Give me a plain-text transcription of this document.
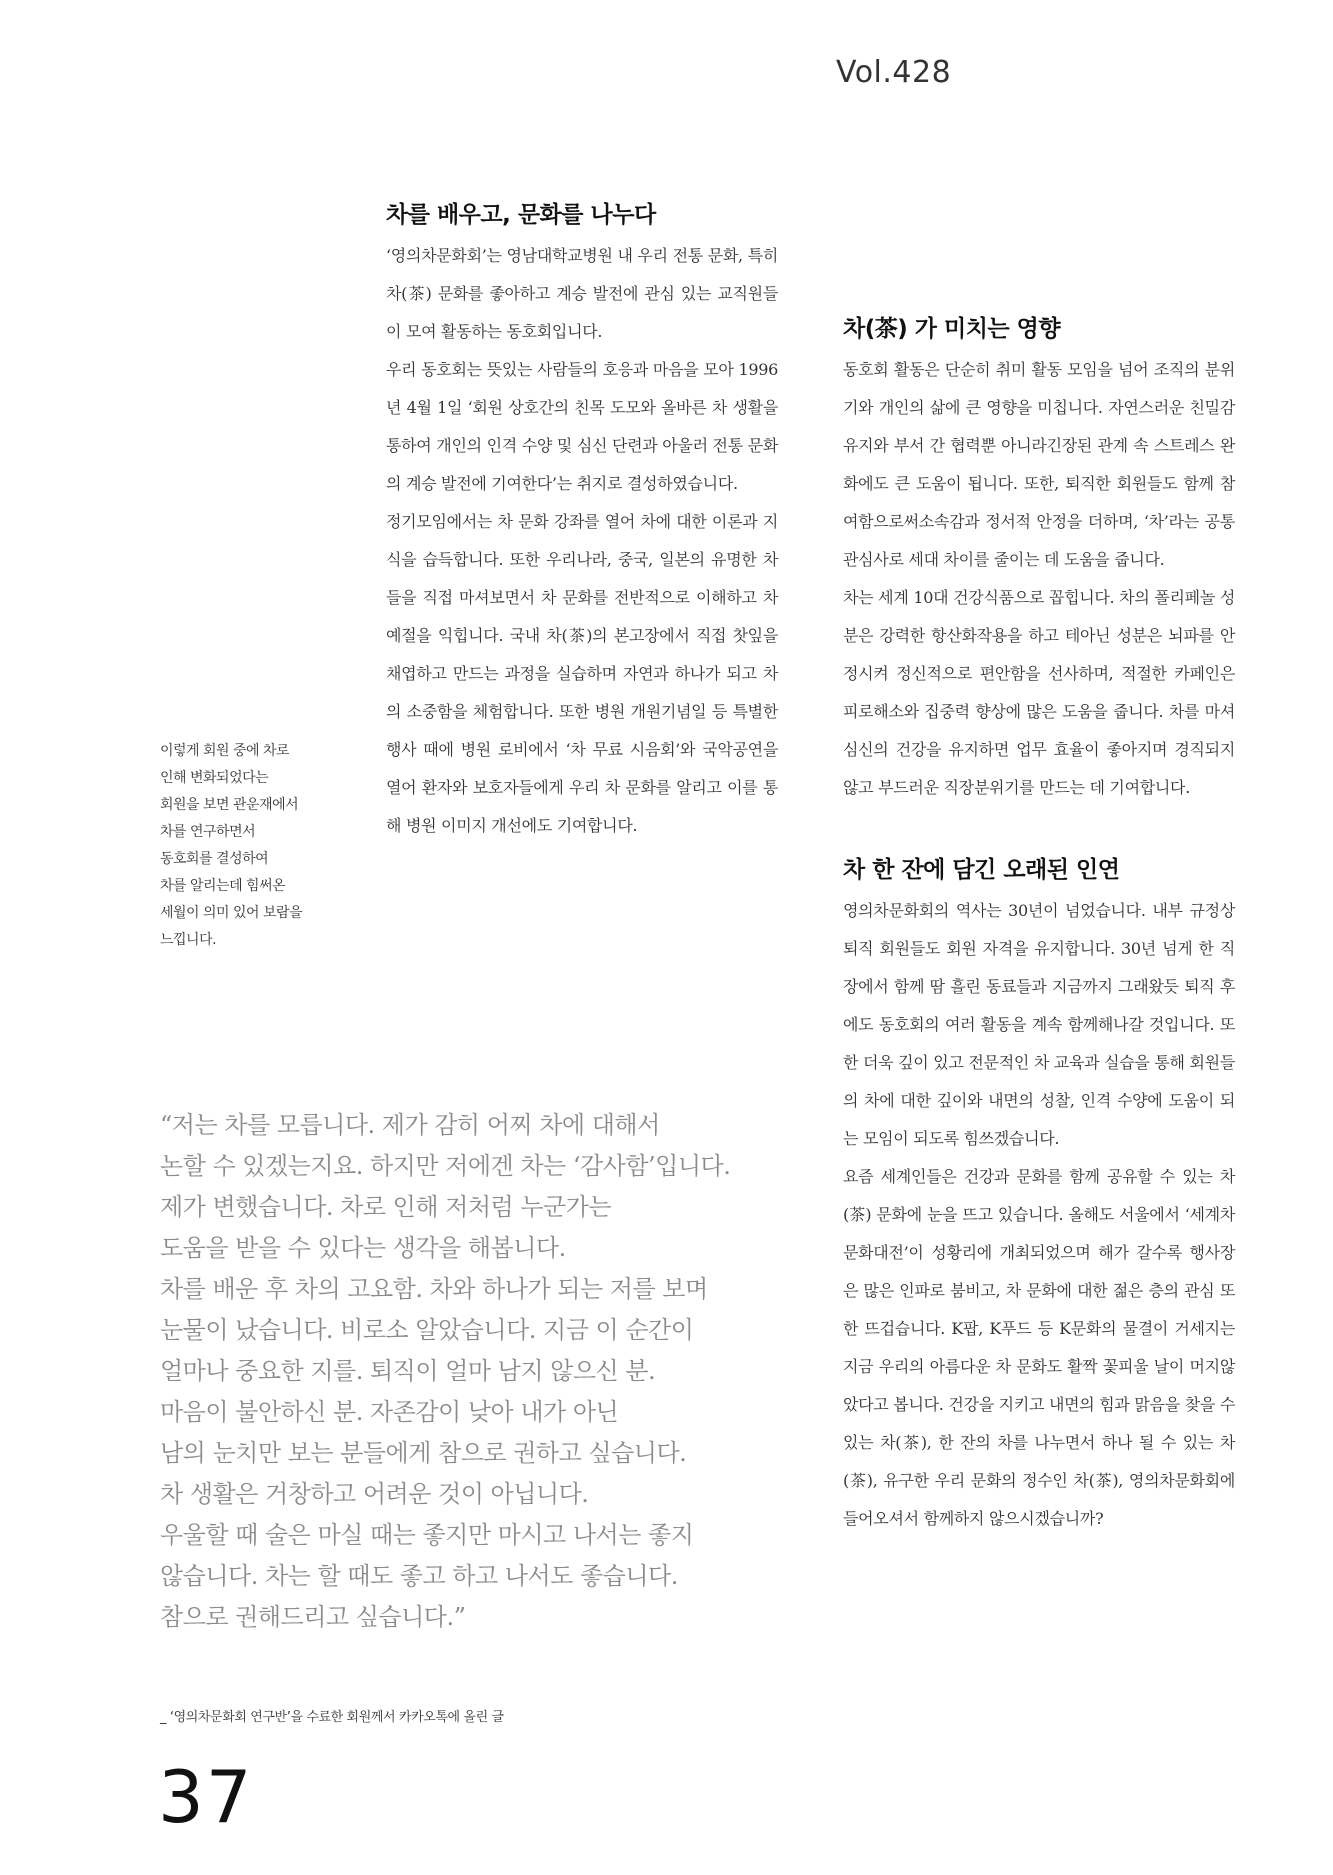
Vol.428
차를 배우고, 문화를 나누다

‘영의차문화회’는 영남대학교병원 내 우리 전통 문화, 특히 차(茶) 문화를 좋아하고 계승 발전에 관심 있는 교직원들이 모여 활동하는 동호회입니다.

우리 동호회는 뜻있는 사람들의 호응과 마음을 모아 1996년 4월 1일 ‘회원 상호간의 친목 도모와 올바른 차 생활을 통하여 개인의 인격 수양 및 심신 단련과 아울러 전통 문화의 계승 발전에 기여한다’는 취지로 결성하였습니다.

정기모임에서는 차 문화 강좌를 열어 차에 대한 이론과 지식을 습득합니다. 또한 우리나라, 중국, 일본의 유명한 차들을 직접 마셔보면서 차 문화를 전반적으로 이해하고 차 예절을 익힙니다. 국내 차(茶)의 본고장에서 직접 찻잎을 채엽하고 만드는 과정을 실습하며 자연과 하나가 되고 차의 소중함을 체험합니다. 또한 병원 개원기념일 등 특별한 행사 때에 병원 로비에서 ‘차 무료 시음회’와 국악공연을 열어 환자와 보호자들에게 우리 차 문화를 알리고 이를 통해 병원 이미지 개선에도 기여합니다.

차(茶) 가 미치는 영향

동호회 활동은 단순히 취미 활동 모임을 넘어 조직의 분위기와 개인의 삶에 큰 영향을 미칩니다. 자연스러운 친밀감 유지와 부서 간 협력뿐 아니라긴장된 관계 속 스트레스 완화에도 큰 도움이 됩니다. 또한, 퇴직한 회원들도 함께 참여함으로써소속감과 정서적 안정을 더하며, ‘차’라는 공통 관심사로 세대 차이를 줄이는 데 도움을 줍니다.

차는 세계 10대 건강식품으로 꼽힙니다. 차의 폴리페놀 성분은 강력한 항산화작용을 하고 테아닌 성분은 뇌파를 안정시켜 정신적으로 편안함을 선사하며, 적절한 카페인은 피로해소와 집중력 향상에 많은 도움을 줍니다. 차를 마셔 심신의 건강을 유지하면 업무 효율이 좋아지며 경직되지 않고 부드러운 직장분위기를 만드는 데 기여합니다.

차 한 잔에 담긴 오래된 인연

영의차문화회의 역사는 30년이 넘었습니다. 내부 규정상 퇴직 회원들도 회원 자격을 유지합니다. 30년 넘게 한 직장에서 함께 땀 흘린 동료들과 지금까지 그래왔듯 퇴직 후에도 동호회의 여러 활동을 계속 함께해나갈 것입니다. 또한 더욱 깊이 있고 전문적인 차 교육과 실습을 통해 회원들의 차에 대한 깊이와 내면의 성찰, 인격 수양에 도움이 되는 모임이 되도록 힘쓰겠습니다.

요즘 세계인들은 건강과 문화를 함께 공유할 수 있는 차(茶) 문화에 눈을 뜨고 있습니다. 올해도 서울에서 ‘세계차문화대전’이 성황리에 개최되었으며 해가 갈수록 행사장은 많은 인파로 붐비고, 차 문화에 대한 젊은 층의 관심 또한 뜨겁습니다. K팝, K푸드 등 K문화의 물결이 거세지는 지금 우리의 아름다운 차 문화도 활짝 꽃피울 날이 머지않았다고 봅니다. 건강을 지키고 내면의 힘과 맑음을 찾을 수 있는 차(茶), 한 잔의 차를 나누면서 하나 될 수 있는 차(茶), 유구한 우리 문화의 정수인 차(茶), 영의차문화회에 들어오셔서 함께하지 않으시겠습니까?

이렇게 회원 중에 차로
인해 변화되었다는
회원을 보면 관운재에서
차를 연구하면서
동호회를 결성하여
차를 알리는데 힘써온
세월이 의미 있어 보람을
느낍니다.
“저는 차를 모릅니다. 제가 감히 어찌 차에 대해서
논할 수 있겠는지요. 하지만 저에겐 차는 ‘감사함’입니다.
제가 변했습니다. 차로 인해 저처럼 누군가는
도움을 받을 수 있다는 생각을 해봅니다.
차를 배운 후 차의 고요함. 차와 하나가 되는 저를 보며
눈물이 났습니다. 비로소 알았습니다. 지금 이 순간이
얼마나 중요한 지를. 퇴직이 얼마 남지 않으신 분.
마음이 불안하신 분. 자존감이 낮아 내가 아닌
남의 눈치만 보는 분들에게 참으로 권하고 싶습니다.
차 생활은 거창하고 어려운 것이 아닙니다.
우울할 때 술은 마실 때는 좋지만 마시고 나서는 좋지
않습니다. 차는 할 때도 좋고 하고 나서도 좋습니다.
참으로 권해드리고 싶습니다.”
_ ‘영의차문화회 연구반’을 수료한 회원께서 카카오톡에 올린 글
37
